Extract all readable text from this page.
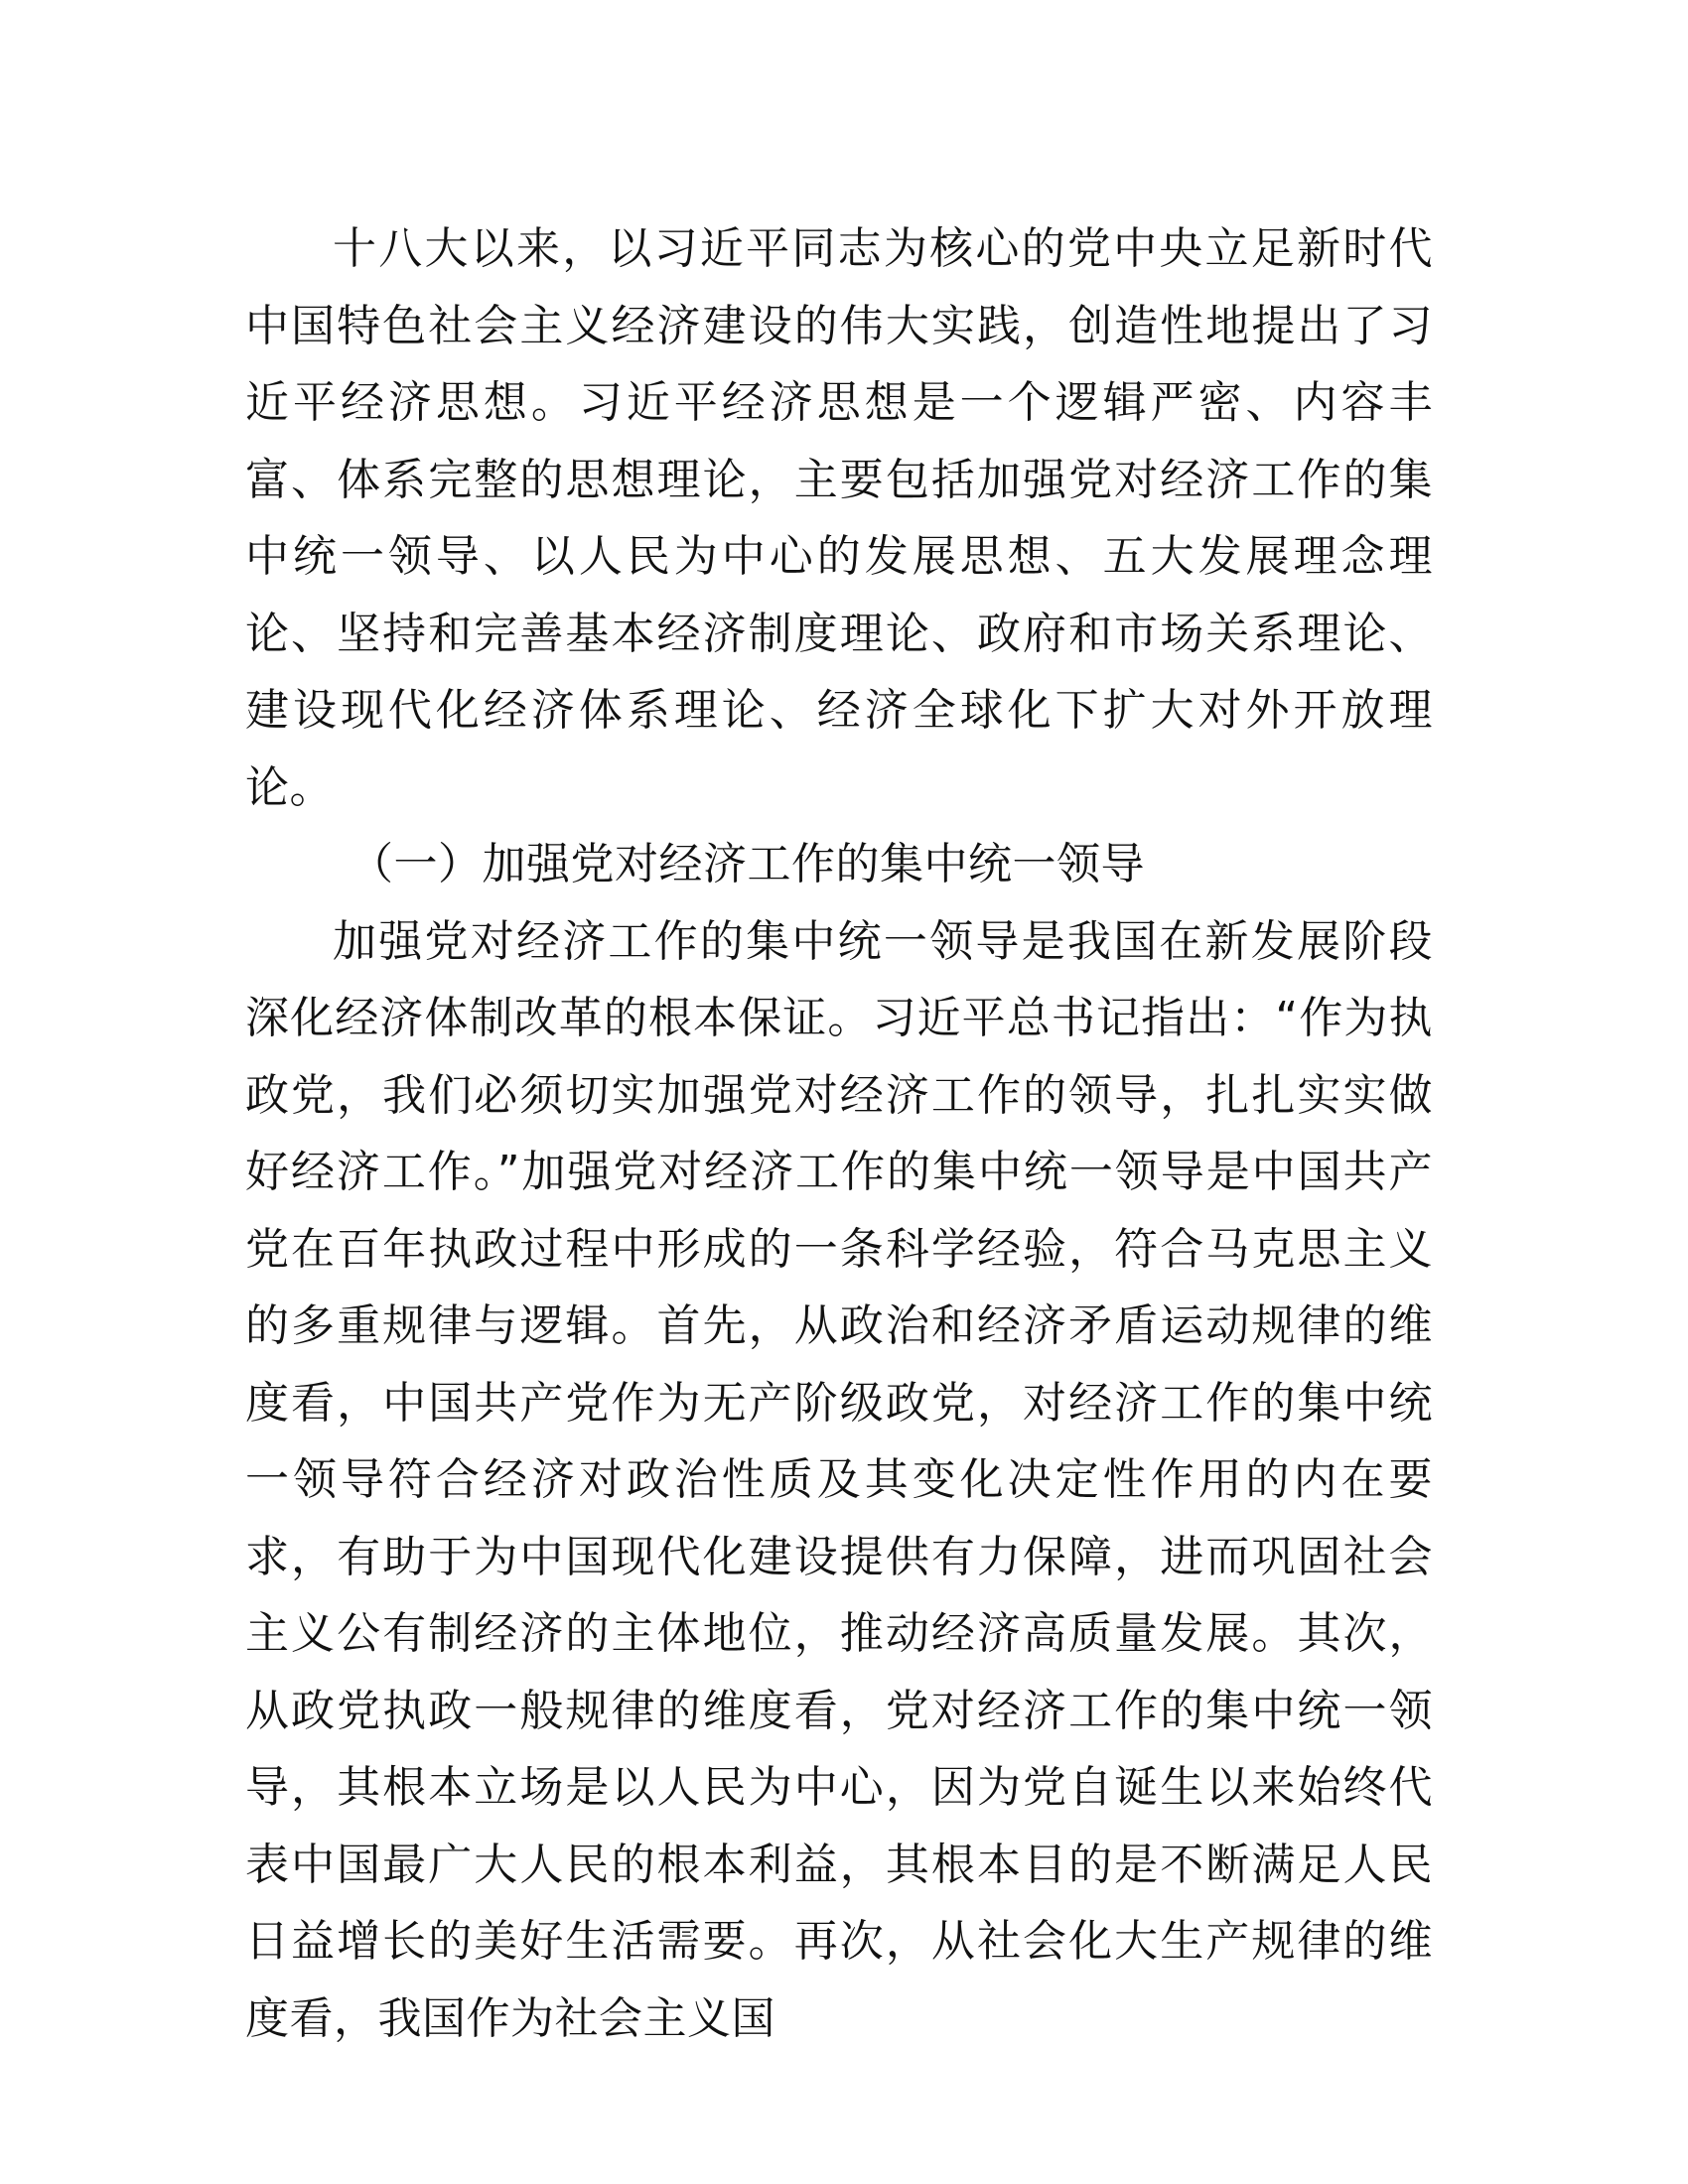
十八大以来，以习近平同志为核心的党中央立足新时代中国特色社会主义经济建设的伟大实践，创造性地提出了习近平经济思想。习近平经济思想是一个逻辑严密、内容丰富、体系完整的思想理论，主要包括加强党对经济工作的集中统一领导、以人民为中心的发展思想、五大发展理念理论、坚持和完善基本经济制度理论、政府和市场关系理论、建设现代化经济体系理论、经济全球化下扩大对外开放理论。

（一）加强党对经济工作的集中统一领导

加强党对经济工作的集中统一领导是我国在新发展阶段深化经济体制改革的根本保证。习近平总书记指出：“作为执政党，我们必须切实加强党对经济工作的领导，扎扎实实做好经济工作。”加强党对经济工作的集中统一领导是中国共产党在百年执政过程中形成的一条科学经验，符合马克思主义的多重规律与逻辑。首先，从政治和经济矛盾运动规律的维度看，中国共产党作为无产阶级政党，对经济工作的集中统一领导符合经济对政治性质及其变化决定性作用的内在要求，有助于为中国现代化建设提供有力保障，进而巩固社会主义公有制经济的主体地位，推动经济高质量发展。其次，从政党执政一般规律的维度看，党对经济工作的集中统一领导，其根本立场是以人民为中心，因为党自诞生以来始终代表中国最广大人民的根本利益，其根本目的是不断满足人民日益增长的美好生活需要。再次，从社会化大生产规律的维度看，我国作为社会主义国
